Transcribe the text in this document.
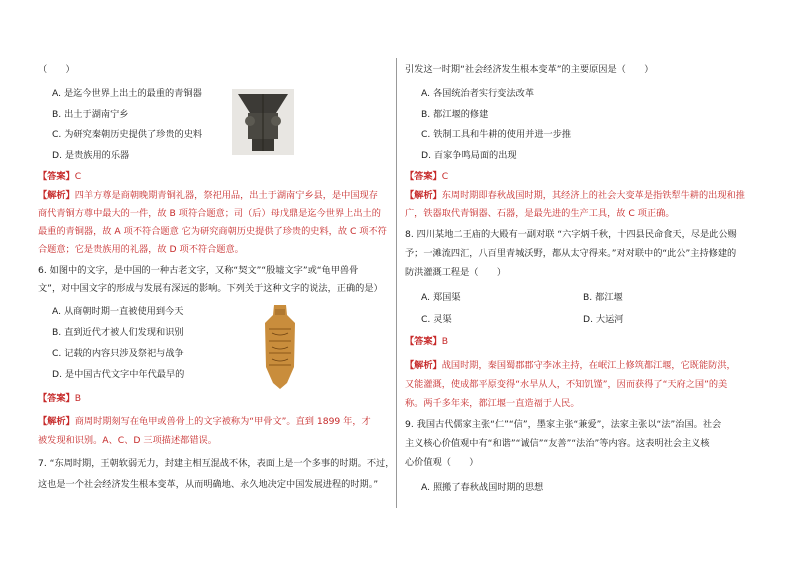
（　　）
A. 是迄今世界上出土的最重的青铜器
B. 出土于湖南宁乡
C. 为研究秦朝历史提供了珍贵的史料
D. 是贵族用的乐器
【答案】C
【解析】四羊方尊是商朝晚期青铜礼器，祭祀用品，出土于湖南宁乡县，是中国现存
商代青铜方尊中最大的一件，故 B 项符合题意；司（后）母戊鼎是迄今世界上出土的
最重的青铜器，故 A 项不符合题意 它为研究商朝历史提供了珍贵的史料，故 C 项不符
合题意；它是贵族用的礼器，故 D 项不符合题意。
6. 如图中的文字，是中国的一种古老文字，又称“契文”“殷墟文字”或“龟甲兽骨
文”，对中国文字的形成与发展有深远的影响。下列关于这种文字的说法，正确的是）
A. 从商朝时期一直被使用到今天
B. 直到近代才被人们发现和识别
C. 记载的内容只涉及祭祀与战争
D. 是中国古代文字中年代最早的
【答案】B
【解析】商周时期刻写在龟甲或兽骨上的文字被称为“甲骨文”。直到 1899 年，才
被发现和识别。A、C、D 三项描述都错误。
7. “东周时期，王朝软弱无力，封建主相互混战不休，表面上是一个多事的时期。不过，
这也是一个社会经济发生根本变革，从而明确地、永久地决定中国发展进程的时期。”
引发这一时期“社会经济发生根本变革”的主要原因是（　　）
A. 各国统治者实行变法改革
B. 都江堰的修建
C. 铁制工具和牛耕的使用并进一步推
D. 百家争鸣局面的出现
【答案】C
【解析】东周时期即春秋战国时期，其经济上的社会大变革是指铁犁牛耕的出现和推
广，铁器取代青铜器、石器，是最先进的生产工具，故 C 项正确。
8. 四川某地二王庙的大殿有一副对联 “六字炳千秋，十四县民命食天，尽是此公赐
予；一滩流四汇，八百里青城沃野，都从太守得来。”对对联中的“此公”主持修建的
防洪灌溉工程是（　　）
A. 郑国渠	B. 都江堰
C. 灵渠	D. 大运河
【答案】B
【解析】战国时期，秦国蜀郡郡守李冰主持，在岷江上修筑都江堰，它既能防洪，
又能灌溉，使成都平原变得“水旱从人，不知饥馑”，因而获得了“天府之国”的美
称。两千多年来，都江堰一直造福于人民。
9. 我国古代儒家主张“仁”“信”，墨家主张“兼爱”，法家主张以“法”治国。社会
主义核心价值观中有“和谐”“诚信”“友善”“法治”等内容。这表明社会主义核
心价值观（　　）
A. 照搬了春秋战国时期的思想
